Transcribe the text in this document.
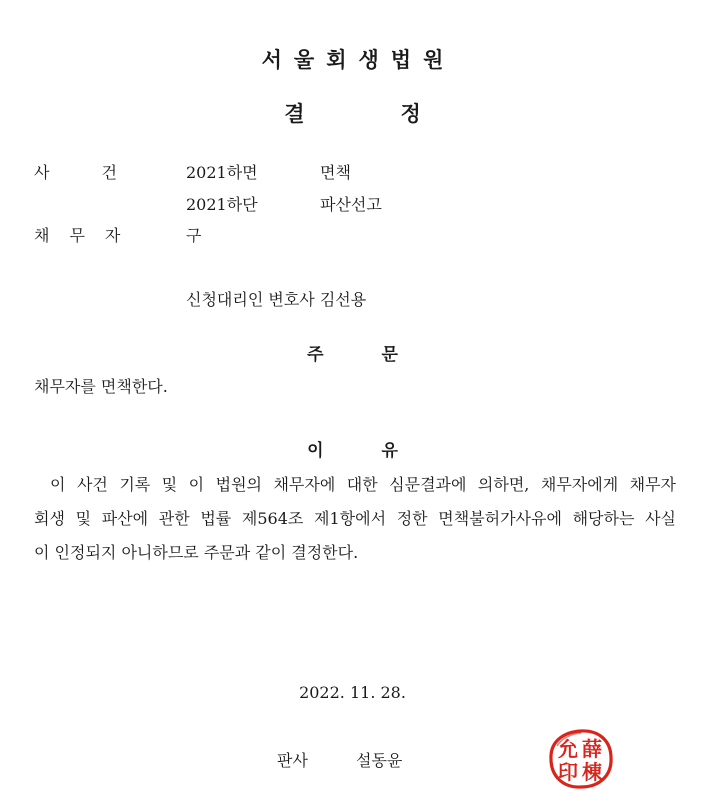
서울회생법원
결정
사건 2021하면	면책
2021하단	파산선고
채무자	구
신청대리인 변호사 김선용
주문
채무자를 면책한다.
이유
이 사건 기록 및 이 법원의 채무자에 대한 심문결과에 의하면, 채무자에게 채무자
회생 및 파산에 관한 법률 제564조 제1항에서 정한 면책불허가사유에 해당하는 사실
이 인정되지 아니하므로 주문과 같이 결정한다.
2022. 11. 28.
판사	설동윤	薛
棟
允
印
